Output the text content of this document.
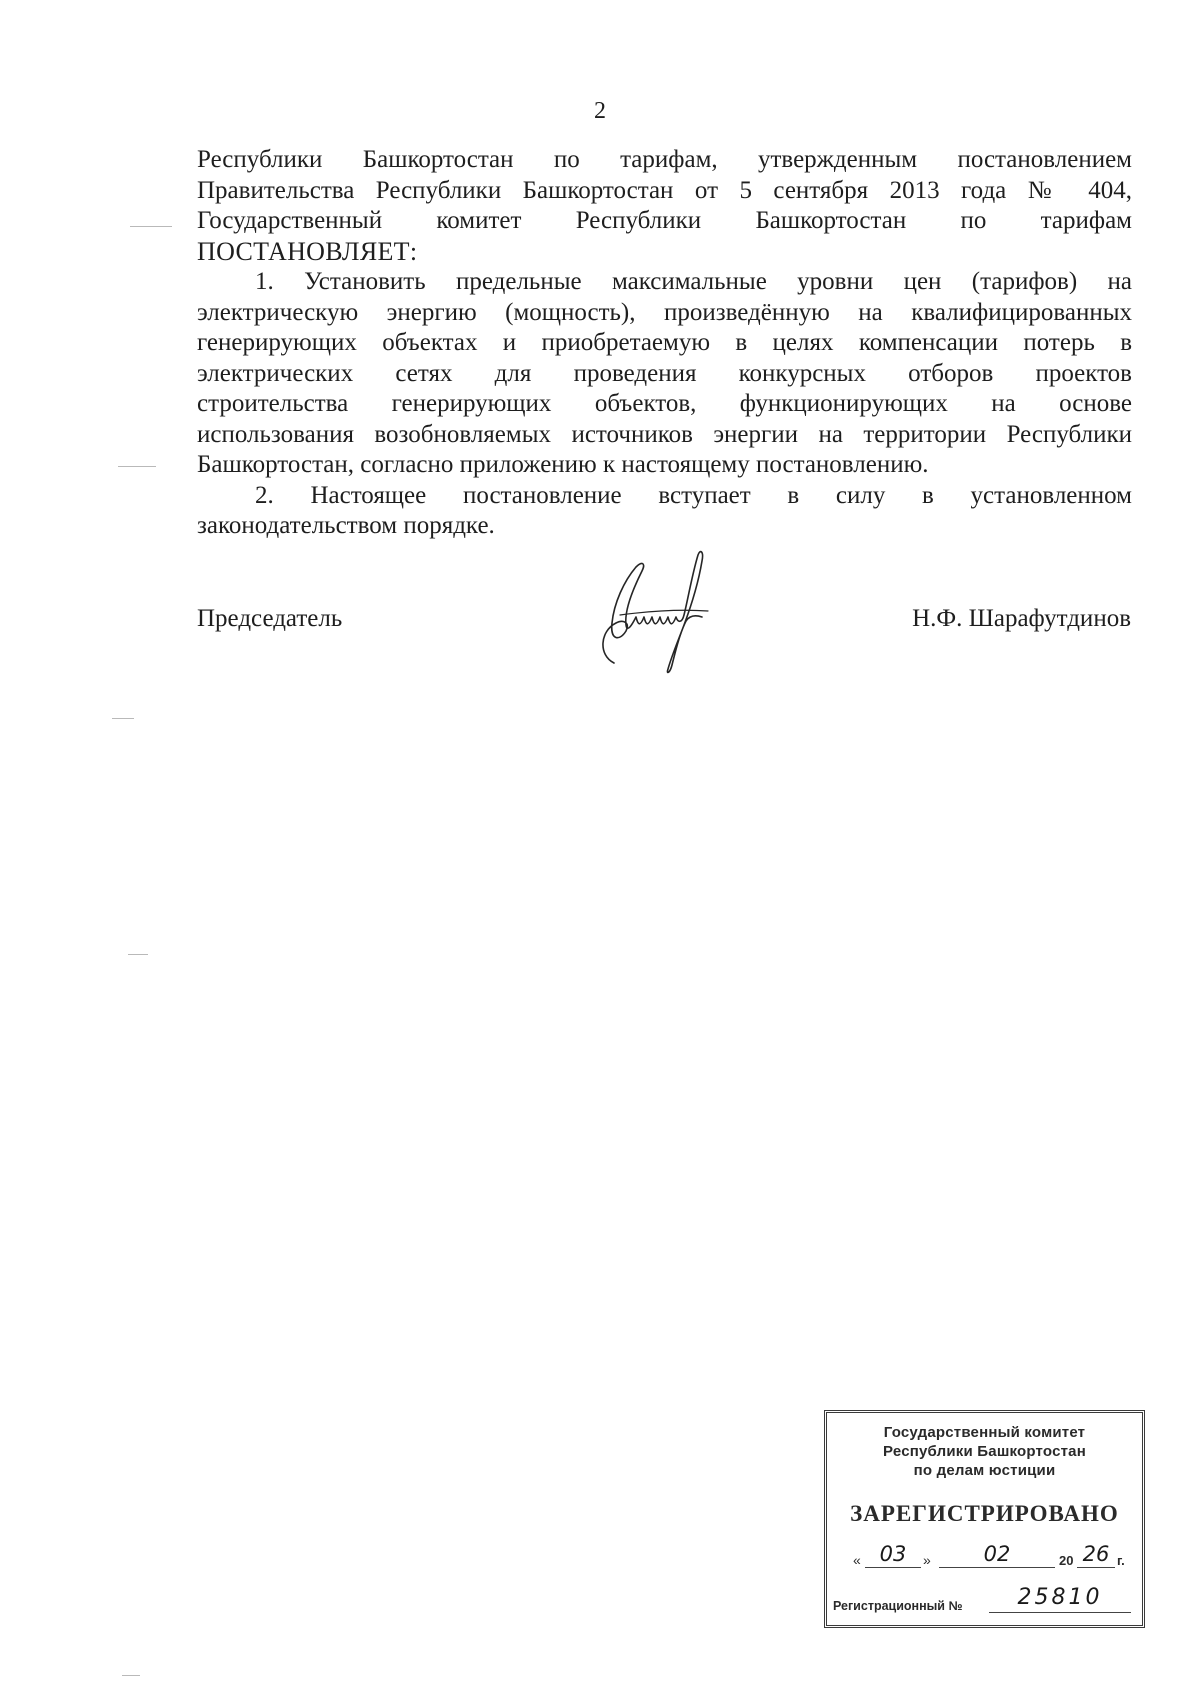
2
Республики Башкортостан по тарифам, утвержденным постановлением
Правительства Республики Башкортостан от 5 сентября 2013 года № 404,
Государственный комитет Республики Башкортостан по тарифам
ПОСТАНОВЛЯЕТ:
1. Установить предельные максимальные уровни цен (тарифов) на
электрическую энергию (мощность), произведённую на квалифицированных
генерирующих объектах и приобретаемую в целях компенсации потерь в
электрических сетях для проведения конкурсных отборов проектов
строительства генерирующих объектов, функционирующих на основе
использования возобновляемых источников энергии на территории Республики
Башкортостан, согласно приложению к настоящему постановлению.
2. Настоящее постановление вступает в силу в установленном
законодательством порядке.
Председатель	Н.Ф. Шарафутдинов
Государственный комитет
Республики Башкортостан
по делам юстиции
ЗАРЕГИСТРИРОВАНО
« 03	»	02	20 26 г.
Регистрационный №	25810
